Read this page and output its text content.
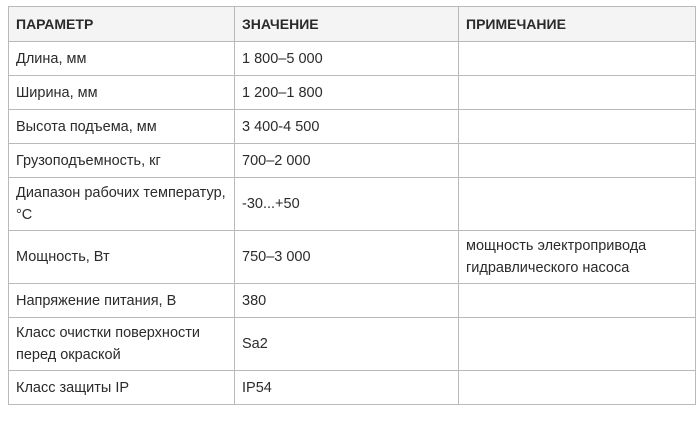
ПАРАМЕТР	ЗНАЧЕНИЕ	ПРИМЕЧАНИЕ
Длина, мм	1 800–5 000	
Ширина, мм	1 200–1 800	
Высота подъема, мм	3 400-4 500	
Грузоподъемность, кг	700–2 000	
Диапазон рабочих температур, °С	-30...+50	
Мощность, Вт	750–3 000	мощность электропривода гидравлического насоса
Напряжение питания, В	380	
Класс очистки поверхности перед окраской	Sa2	
Класс защиты IP	IP54	
